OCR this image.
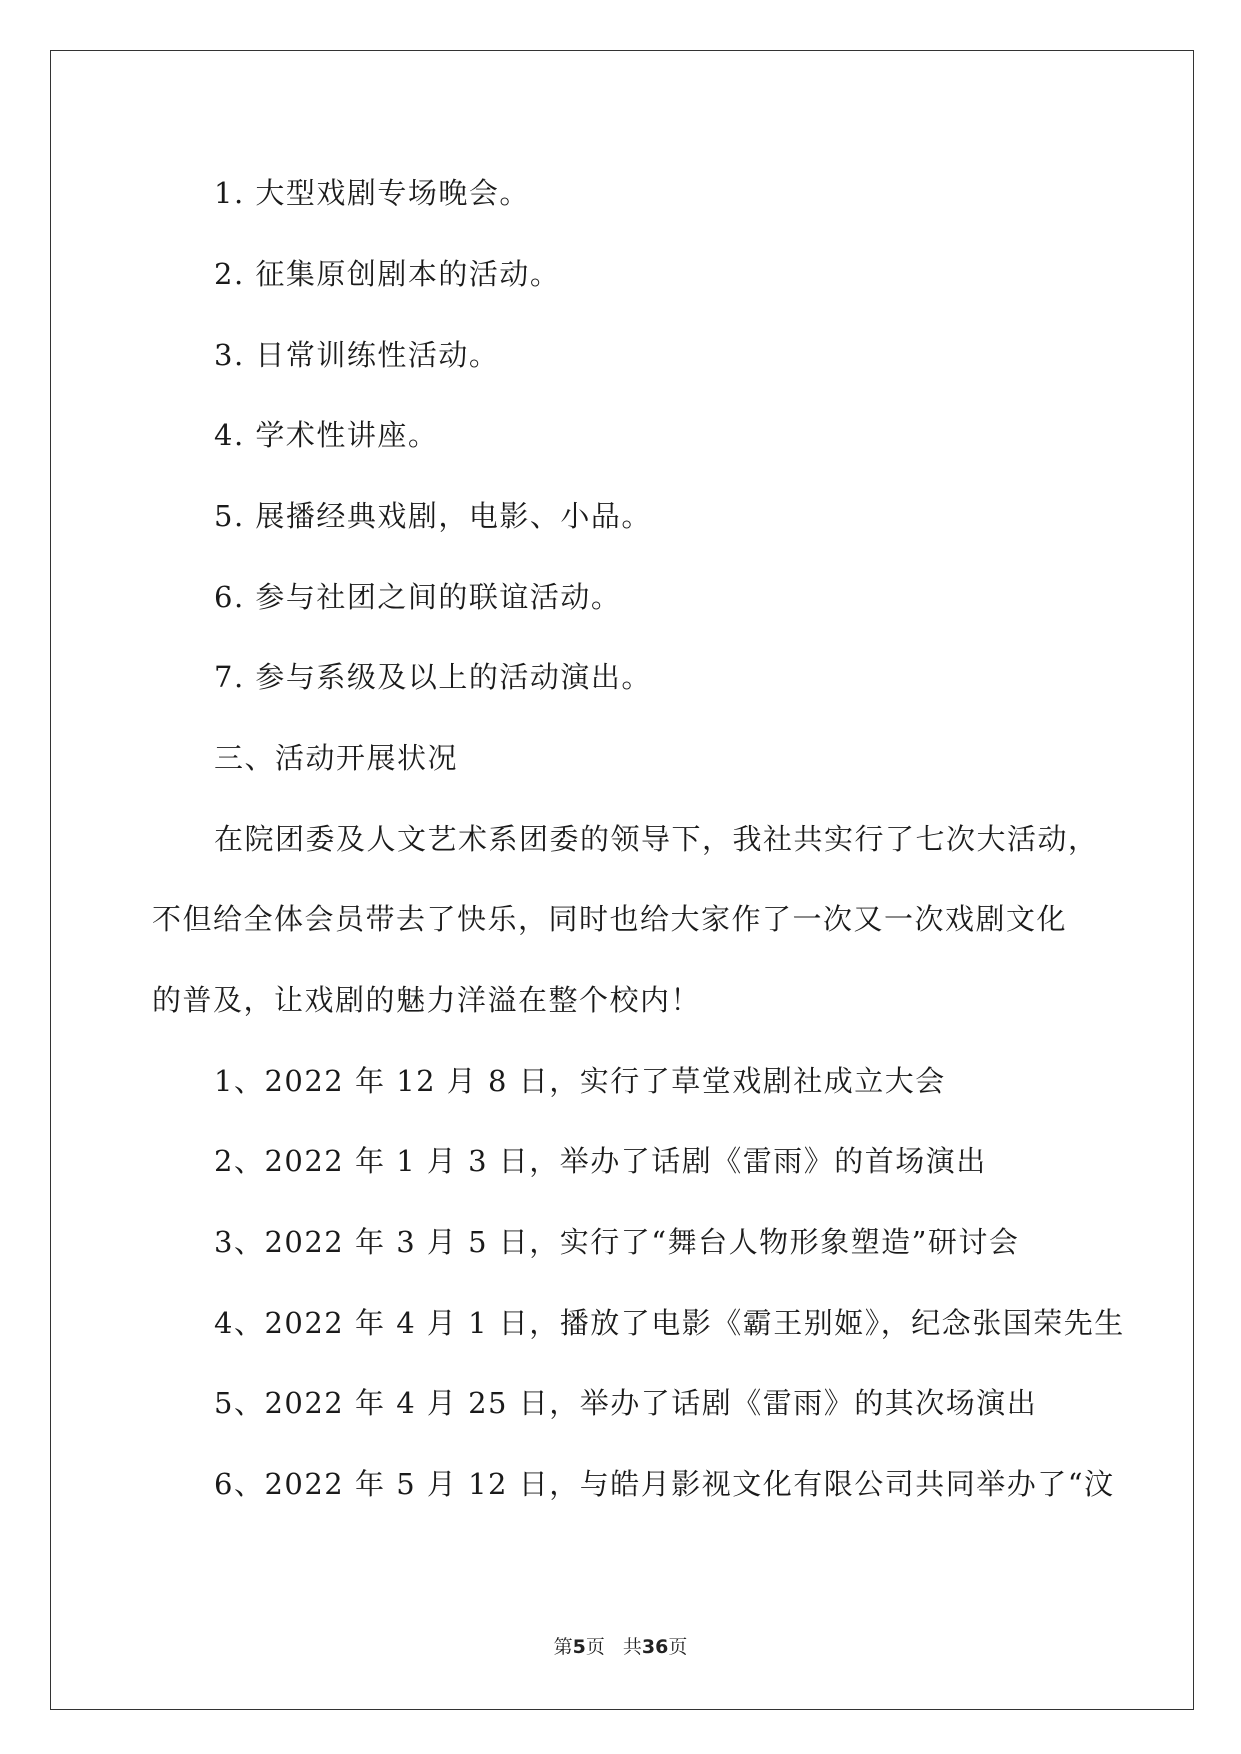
1. 大型戏剧专场晚会。
2. 征集原创剧本的活动。
3. 日常训练性活动。
4. 学术性讲座。
5. 展播经典戏剧，电影、小品。
6. 参与社团之间的联谊活动。
7. 参与系级及以上的活动演出。
三、活动开展状况
在院团委及人文艺术系团委的领导下，我社共实行了七次大活动，
不但给全体会员带去了快乐，同时也给大家作了一次又一次戏剧文化
的普及，让戏剧的魅力洋溢在整个校内！
1、2022 年 12 月 8 日，实行了草堂戏剧社成立大会
2、2022 年 1 月 3 日，举办了话剧《雷雨》的首场演出
3、2022 年 3 月 5 日，实行了“舞台人物形象塑造”研讨会
4、2022 年 4 月 1 日，播放了电影《霸王别姬》，纪念张国荣先生
5、2022 年 4 月 25 日，举办了话剧《雷雨》的其次场演出
6、2022 年 5 月 12 日，与皓月影视文化有限公司共同举办了“汶
第5页 共36页
